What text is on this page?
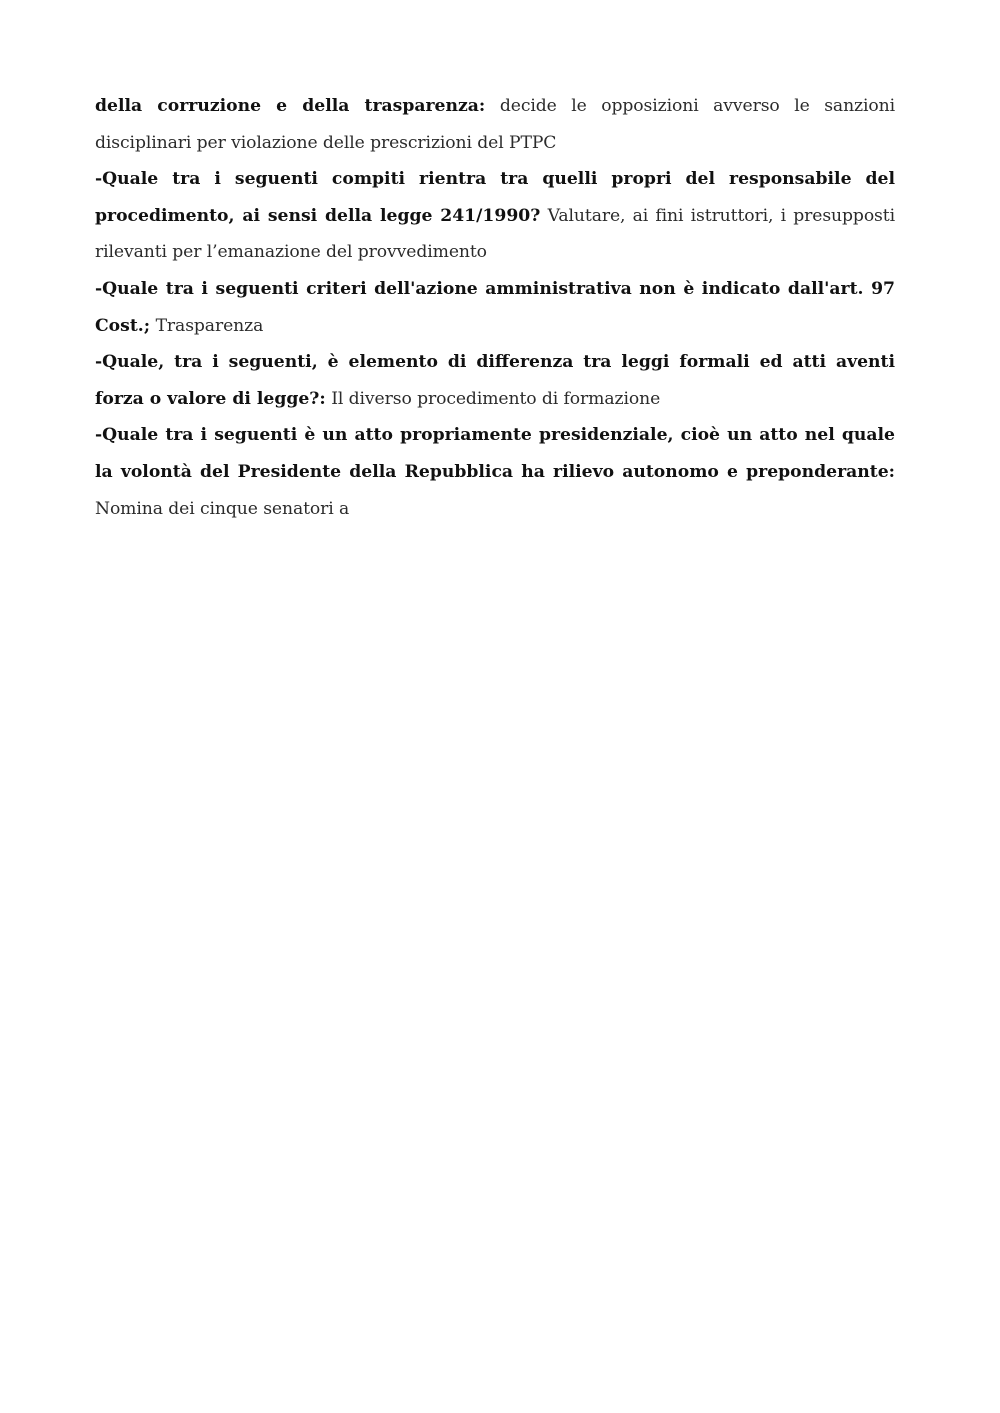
della corruzione e della trasparenza: decide le opposizioni avverso le sanzioni disciplinari per violazione delle prescrizioni del PTPC

-Quale tra i seguenti compiti rientra tra quelli propri del responsabile del procedimento, ai sensi della legge 241/1990? Valutare, ai fini istruttori, i presupposti rilevanti per l’emanazione del provvedimento

-Quale tra i seguenti criteri dell'azione amministrativa non è indicato dall'art. 97 Cost.; Trasparenza

-Quale, tra i seguenti, è elemento di differenza tra leggi formali ed atti aventi forza o valore di legge?: Il diverso procedimento di formazione

-Quale tra i seguenti è un atto propriamente presidenziale, cioè un atto nel quale la volontà del Presidente della Repubblica ha rilievo autonomo e preponderante: Nomina dei cinque senatori a
